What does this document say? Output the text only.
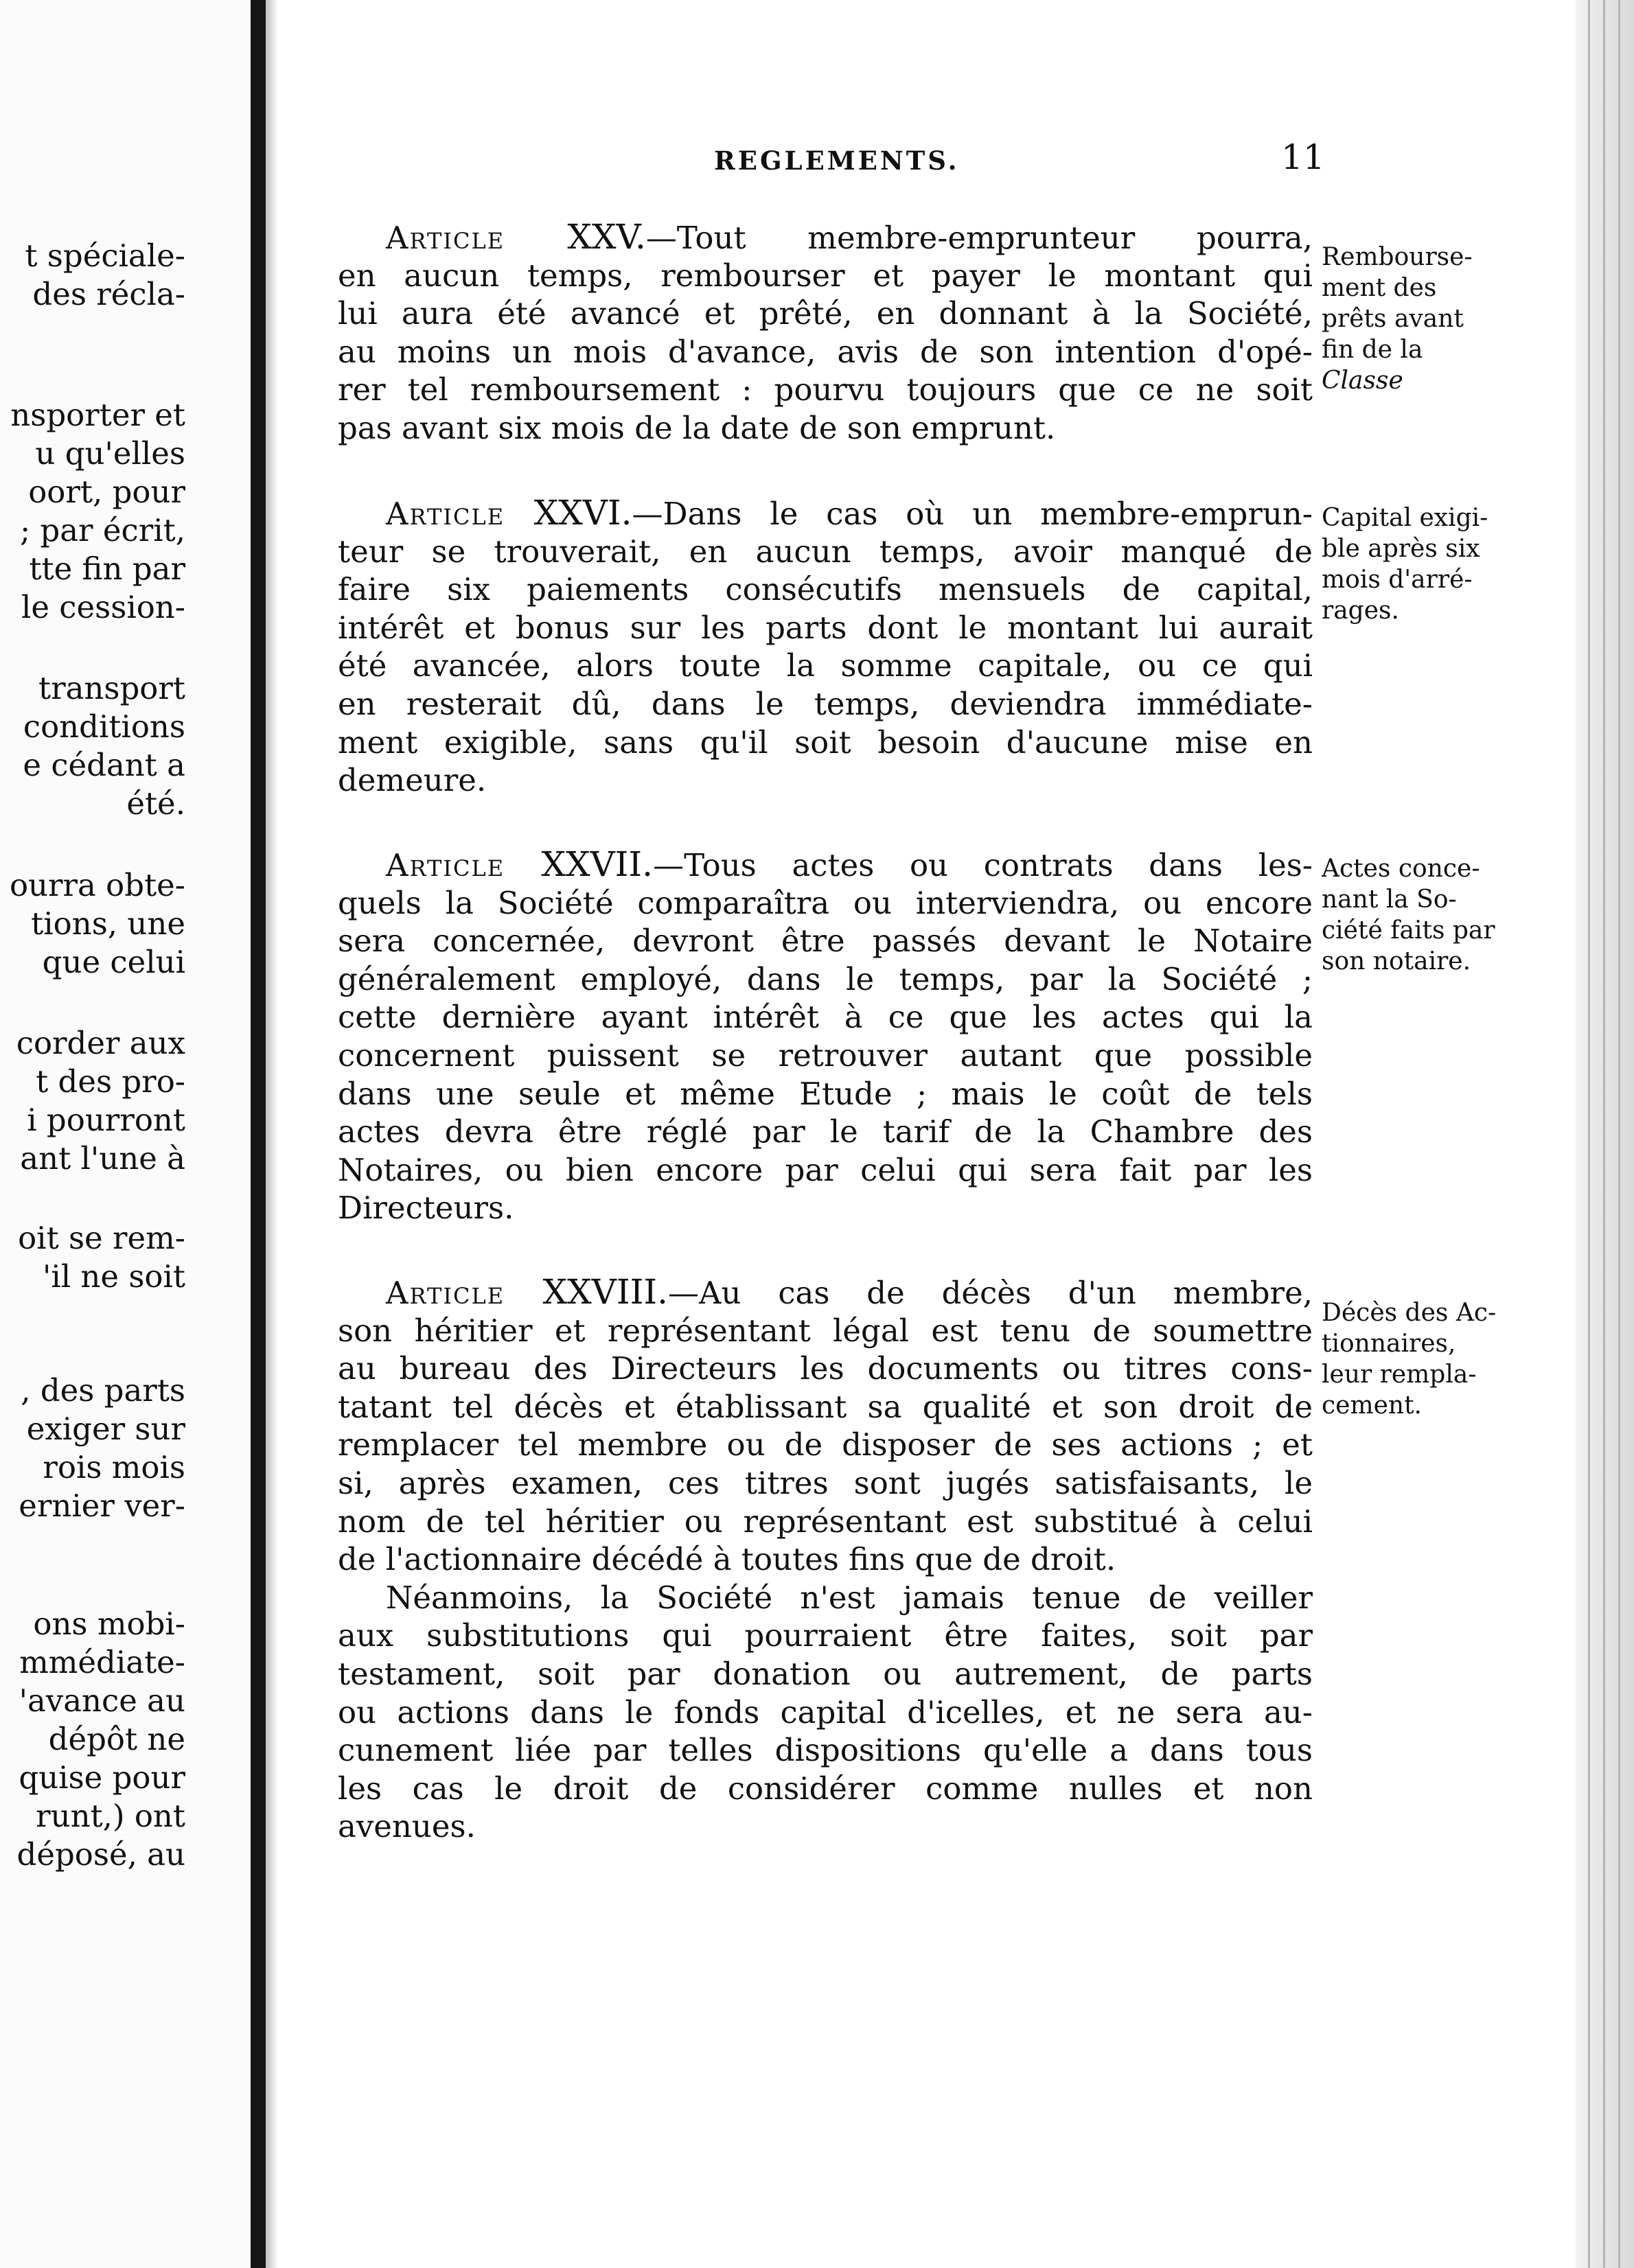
t spéciale-
des récla-
nsporter et
u qu'elles
oort, pour
; par écrit,
tte fin par
le cession-
transport
conditions
e cédant a
été.
ourra obte-
tions, une
que celui
corder aux
t des pro-
i pourront
ant l'une à
oit se rem-
'il ne soit
, des parts
exiger sur
rois mois
ernier ver-
ons mobi-
mmédiate-
'avance au
dépôt ne
quise pour
runt,) ont
déposé, au
REGLEMENTS.	11
Article XXV.—Tout membre-emprunteur pourra,
en aucun temps, rembourser et payer le montant qui
lui aura été avancé et prêté, en donnant à la Société,
au moins un mois d'avance, avis de son intention d'opé-
rer tel remboursement : pourvu toujours que ce ne soit
pas avant six mois de la date de son emprunt.
Article XXVI.—Dans le cas où un membre-emprun-
teur se trouverait, en aucun temps, avoir manqué de
faire six paiements consécutifs mensuels de capital,
intérêt et bonus sur les parts dont le montant lui aurait
été avancée, alors toute la somme capitale, ou ce qui
en resterait dû, dans le temps, deviendra immédiate-
ment exigible, sans qu'il soit besoin d'aucune mise en
demeure.
Article XXVII.—Tous actes ou contrats dans les-
quels la Société comparaîtra ou interviendra, ou encore
sera concernée, devront être passés devant le Notaire
généralement employé, dans le temps, par la Société ;
cette dernière ayant intérêt à ce que les actes qui la
concernent puissent se retrouver autant que possible
dans une seule et même Etude ; mais le coût de tels
actes devra être réglé par le tarif de la Chambre des
Notaires, ou bien encore par celui qui sera fait par les
Directeurs.
Article XXVIII.—Au cas de décès d'un membre,
son héritier et représentant légal est tenu de soumettre
au bureau des Directeurs les documents ou titres cons-
tatant tel décès et établissant sa qualité et son droit de
remplacer tel membre ou de disposer de ses actions ; et
si, après examen, ces titres sont jugés satisfaisants, le
nom de tel héritier ou représentant est substitué à celui
de l'actionnaire décédé à toutes fins que de droit.
Néanmoins, la Société n'est jamais tenue de veiller
aux substitutions qui pourraient être faites, soit par
testament, soit par donation ou autrement, de parts
ou actions dans le fonds capital d'icelles, et ne sera au-
cunement liée par telles dispositions qu'elle a dans tous
les cas le droit de considérer comme nulles et non
avenues.
Rembourse-
ment des
prêts avant
fin de la
Classe
Capital exigi-
ble après six
mois d'arré-
rages.
Actes conce-
nant la So-
ciété faits par
son notaire.
Décès des Ac-
tionnaires,
leur rempla-
cement.
